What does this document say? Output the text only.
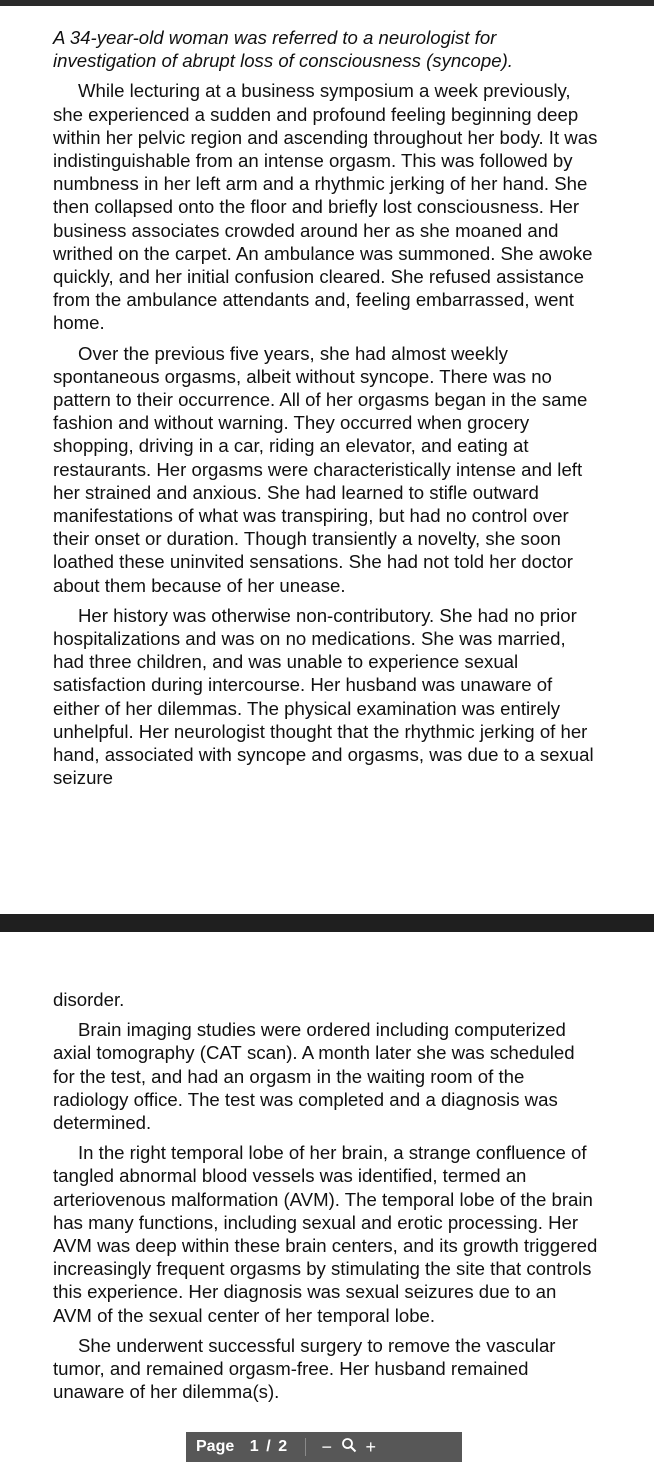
A 34-year-old woman was referred to a neurologist for investigation of abrupt loss of consciousness (syncope).

While lecturing at a business symposium a week previously, she experienced a sudden and profound feeling beginning deep within her pelvic region and ascending throughout her body. It was indistinguishable from an intense orgasm. This was followed by numbness in her left arm and a rhythmic jerking of her hand. She then collapsed onto the floor and briefly lost consciousness. Her business associates crowded around her as she moaned and writhed on the carpet. An ambulance was summoned. She awoke quickly, and her initial confusion cleared. She refused assistance from the ambulance attendants and, feeling embarrassed, went home.

Over the previous five years, she had almost weekly spontaneous orgasms, albeit without syncope. There was no pattern to their occurrence. All of her orgasms began in the same fashion and without warning. They occurred when grocery shopping, driving in a car, riding an elevator, and eating at restaurants. Her orgasms were characteristically intense and left her strained and anxious. She had learned to stifle outward manifestations of what was transpiring, but had no control over their onset or duration. Though transiently a novelty, she soon loathed these uninvited sensations. She had not told her doctor about them because of her unease.

Her history was otherwise non-contributory. She had no prior hospitalizations and was on no medications. She was married, had three children, and was unable to experience sexual satisfaction during intercourse. Her husband was unaware of either of her dilemmas. The physical examination was entirely unhelpful. Her neurologist thought that the rhythmic jerking of her hand, associated with syncope and orgasms, was due to a sexual seizure

disorder.

Brain imaging studies were ordered including computerized axial tomography (CAT scan). A month later she was scheduled for the test, and had an orgasm in the waiting room of the radiology office. The test was completed and a diagnosis was determined.

In the right temporal lobe of her brain, a strange confluence of tangled abnormal blood vessels was identified, termed an arteriovenous malformation (AVM). The temporal lobe of the brain has many functions, including sexual and erotic processing. Her AVM was deep within these brain centers, and its growth triggered increasingly frequent orgasms by stimulating the site that controls this experience. Her diagnosis was sexual seizures due to an AVM of the sexual center of her temporal lobe.

She underwent successful surgery to remove the vascular tumor, and remained orgasm-free. Her husband remained unaware of her dilemma(s).

Page 1 / 2	−	+
